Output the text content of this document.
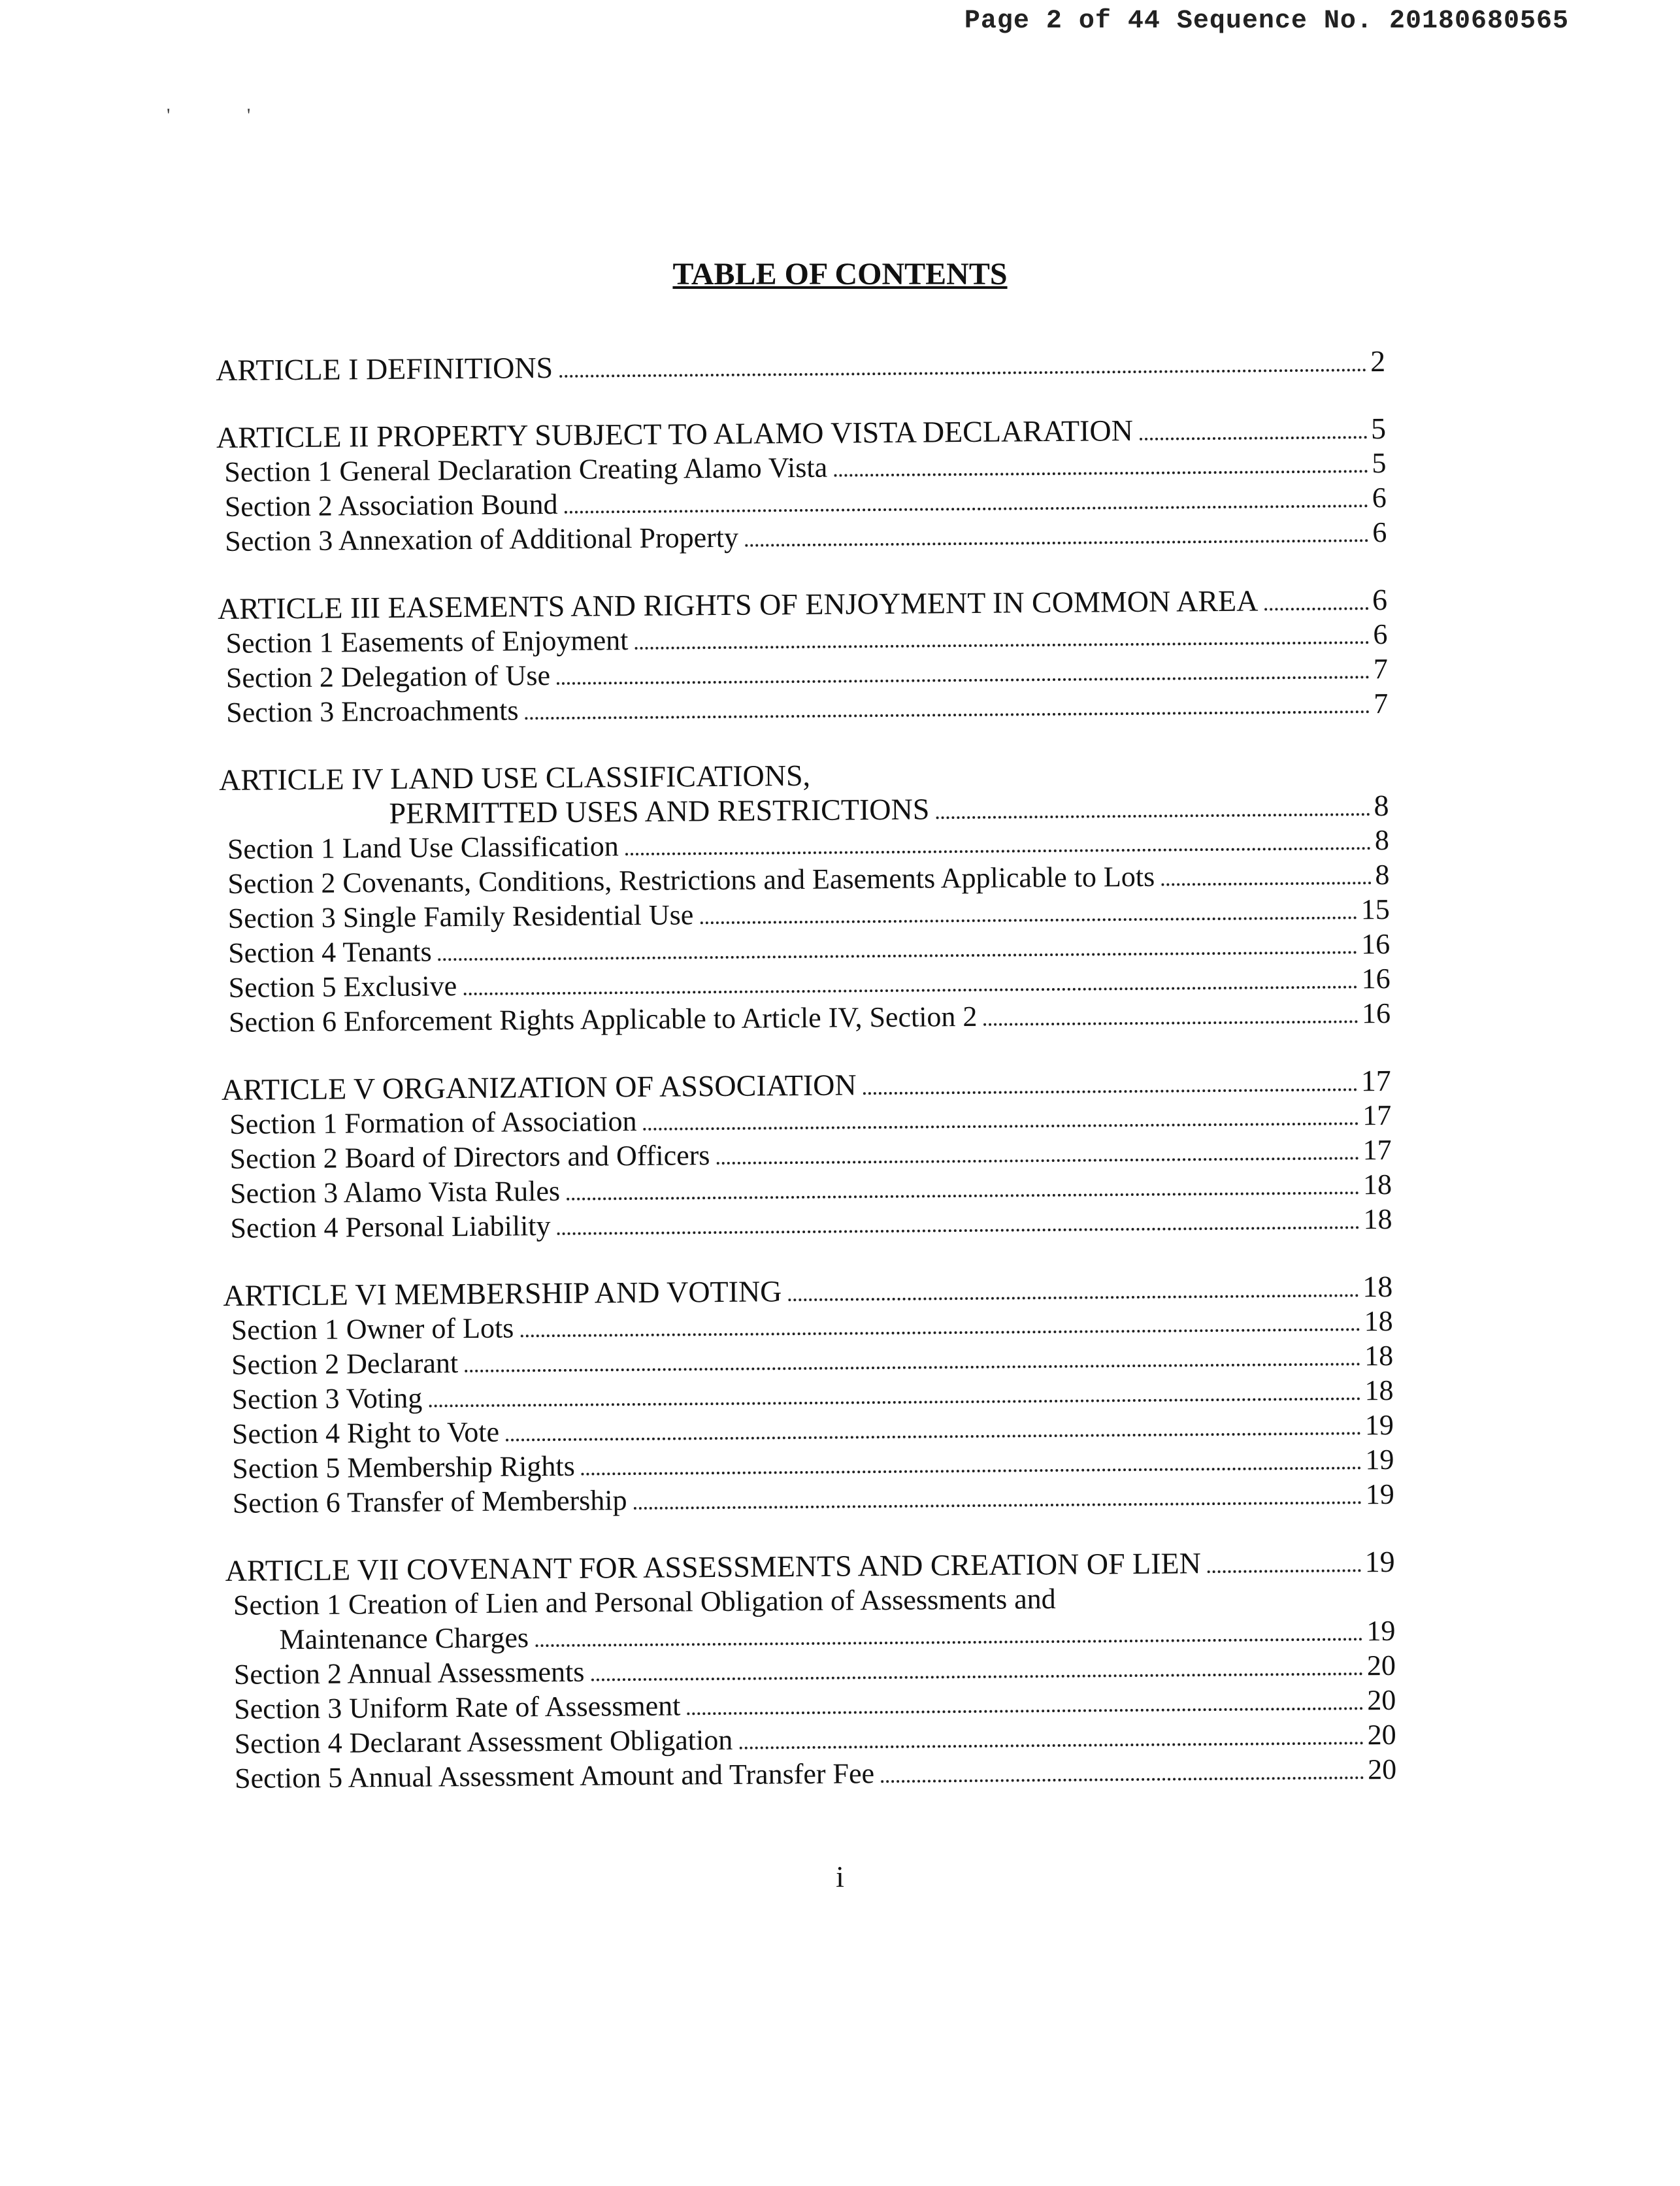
Page 2 of 44 Sequence No. 20180680565
'	'
TABLE OF CONTENTS
ARTICLE I DEFINITIONS	2
ARTICLE II PROPERTY SUBJECT TO ALAMO VISTA DECLARATION	5
Section 1 General Declaration Creating Alamo Vista	5
Section 2 Association Bound	6
Section 3 Annexation of Additional Property	6
ARTICLE III EASEMENTS AND RIGHTS OF ENJOYMENT IN COMMON AREA	6
Section 1 Easements of Enjoyment	6
Section 2 Delegation of Use	7
Section 3 Encroachments	7
ARTICLE IV LAND USE CLASSIFICATIONS,
PERMITTED USES AND RESTRICTIONS	8
Section 1 Land Use Classification	8
Section 2 Covenants, Conditions, Restrictions and Easements Applicable to Lots	8
Section 3 Single Family Residential Use	15
Section 4 Tenants	16
Section 5 Exclusive	16
Section 6 Enforcement Rights Applicable to Article IV, Section 2	16
ARTICLE V ORGANIZATION OF ASSOCIATION	17
Section 1 Formation of Association	17
Section 2 Board of Directors and Officers	17
Section 3 Alamo Vista Rules	18
Section 4 Personal Liability	18
ARTICLE VI MEMBERSHIP AND VOTING	18
Section 1 Owner of Lots	18
Section 2 Declarant	18
Section 3 Voting	18
Section 4 Right to Vote	19
Section 5 Membership Rights	19
Section 6 Transfer of Membership	19
ARTICLE VII COVENANT FOR ASSESSMENTS AND CREATION OF LIEN	19
Section 1 Creation of Lien and Personal Obligation of Assessments and
Maintenance Charges	19
Section 2 Annual Assessments	20
Section 3 Uniform Rate of Assessment	20
Section 4 Declarant Assessment Obligation	20
Section 5 Annual Assessment Amount and Transfer Fee	20
i
